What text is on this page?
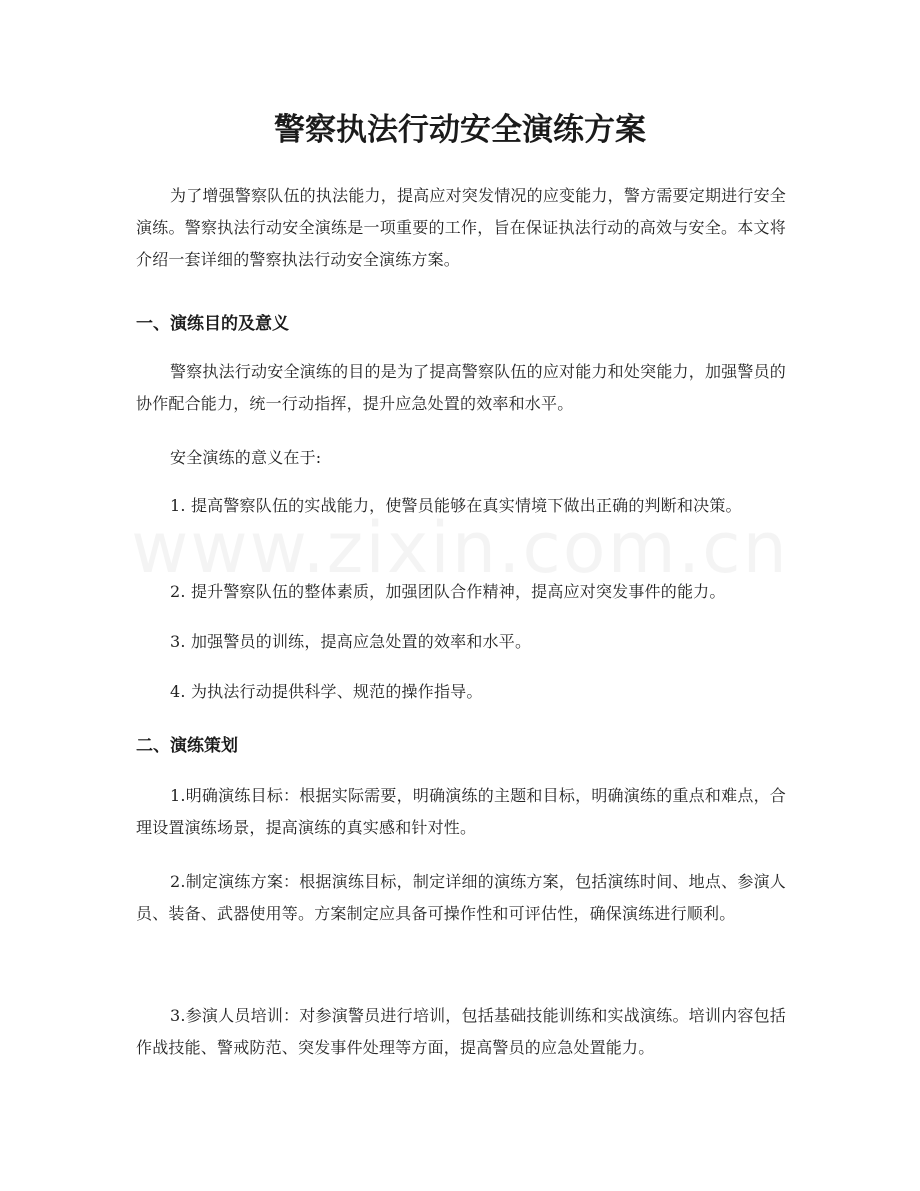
警察执法行动安全演练方案

为了增强警察队伍的执法能力，提高应对突发情况的应变能力，警方需要定期进行安全演练。警察执法行动安全演练是一项重要的工作，旨在保证执法行动的高效与安全。本文将介绍一套详细的警察执法行动安全演练方案。

一、演练目的及意义

警察执法行动安全演练的目的是为了提高警察队伍的应对能力和处突能力，加强警员的协作配合能力，统一行动指挥，提升应急处置的效率和水平。

安全演练的意义在于:

1. 提高警察队伍的实战能力，使警员能够在真实情境下做出正确的判断和决策。

2. 提升警察队伍的整体素质，加强团队合作精神，提高应对突发事件的能力。

3. 加强警员的训练，提高应急处置的效率和水平。

4. 为执法行动提供科学、规范的操作指导。

二、演练策划

1.明确演练目标：根据实际需要，明确演练的主题和目标，明确演练的重点和难点，合理设置演练场景，提高演练的真实感和针对性。

2.制定演练方案：根据演练目标，制定详细的演练方案，包括演练时间、地点、参演人员、装备、武器使用等。方案制定应具备可操作性和可评估性，确保演练进行顺利。

3.参演人员培训：对参演警员进行培训，包括基础技能训练和实战演练。培训内容包括作战技能、警戒防范、突发事件处理等方面，提高警员的应急处置能力。
